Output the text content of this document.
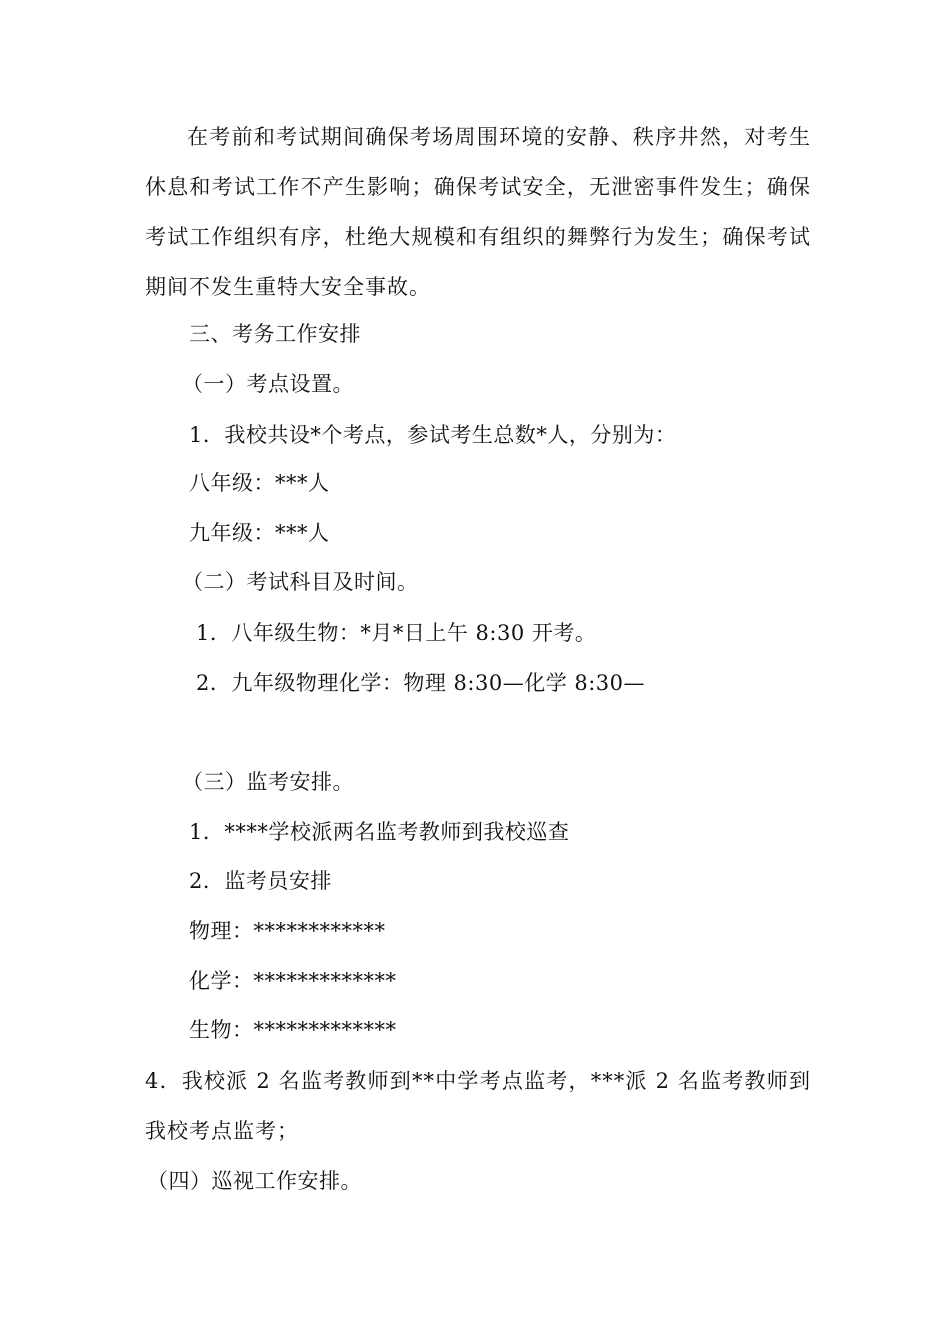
在考前和考试期间确保考场周围环境的安静、秩序井然，对考生休息和考试工作不产生影响；确保考试安全，无泄密事件发生；确保考试工作组织有序，杜绝大规模和有组织的舞弊行为发生；确保考试期间不发生重特大安全事故。
三、考务工作安排
（一）考点设置。
1．我校共设*个考点，参试考生总数*人，分别为：
八年级：***人
九年级：***人
（二）考试科目及时间。
1．八年级生物：*月*日上午 8:30 开考。
2．九年级物理化学：物理 8:30—化学 8:30—
（三）监考安排。
1．****学校派两名监考教师到我校巡查
2．监考员安排
物理：************
化学：*************
生物：*************
4．我校派 2 名监考教师到**中学考点监考，***派 2 名监考教师到我校考点监考；
（四）巡视工作安排。
